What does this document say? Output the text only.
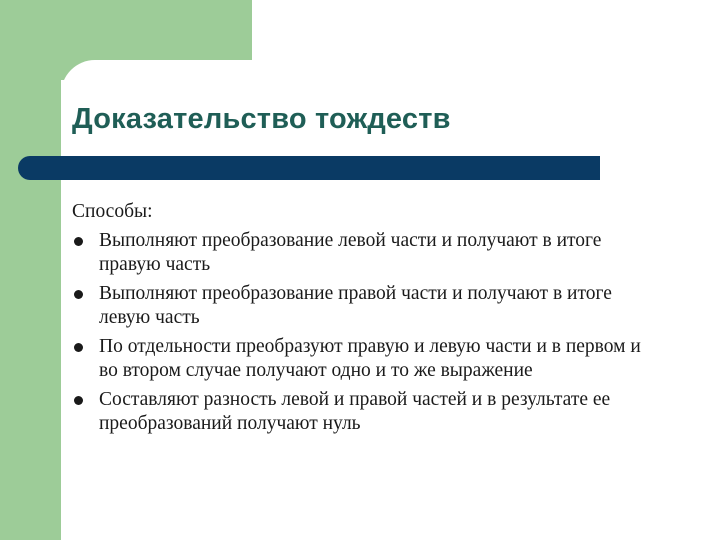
Доказательство тождеств

Способы:

Выполняют преобразование левой части и получают в итоге правую часть
Выполняют преобразование правой части и получают в итоге левую часть
По отдельности преобразуют правую и левую части и в первом и во втором случае получают одно и то же выражение
Составляют разность левой и правой частей и в результате ее преобразований получают нуль
